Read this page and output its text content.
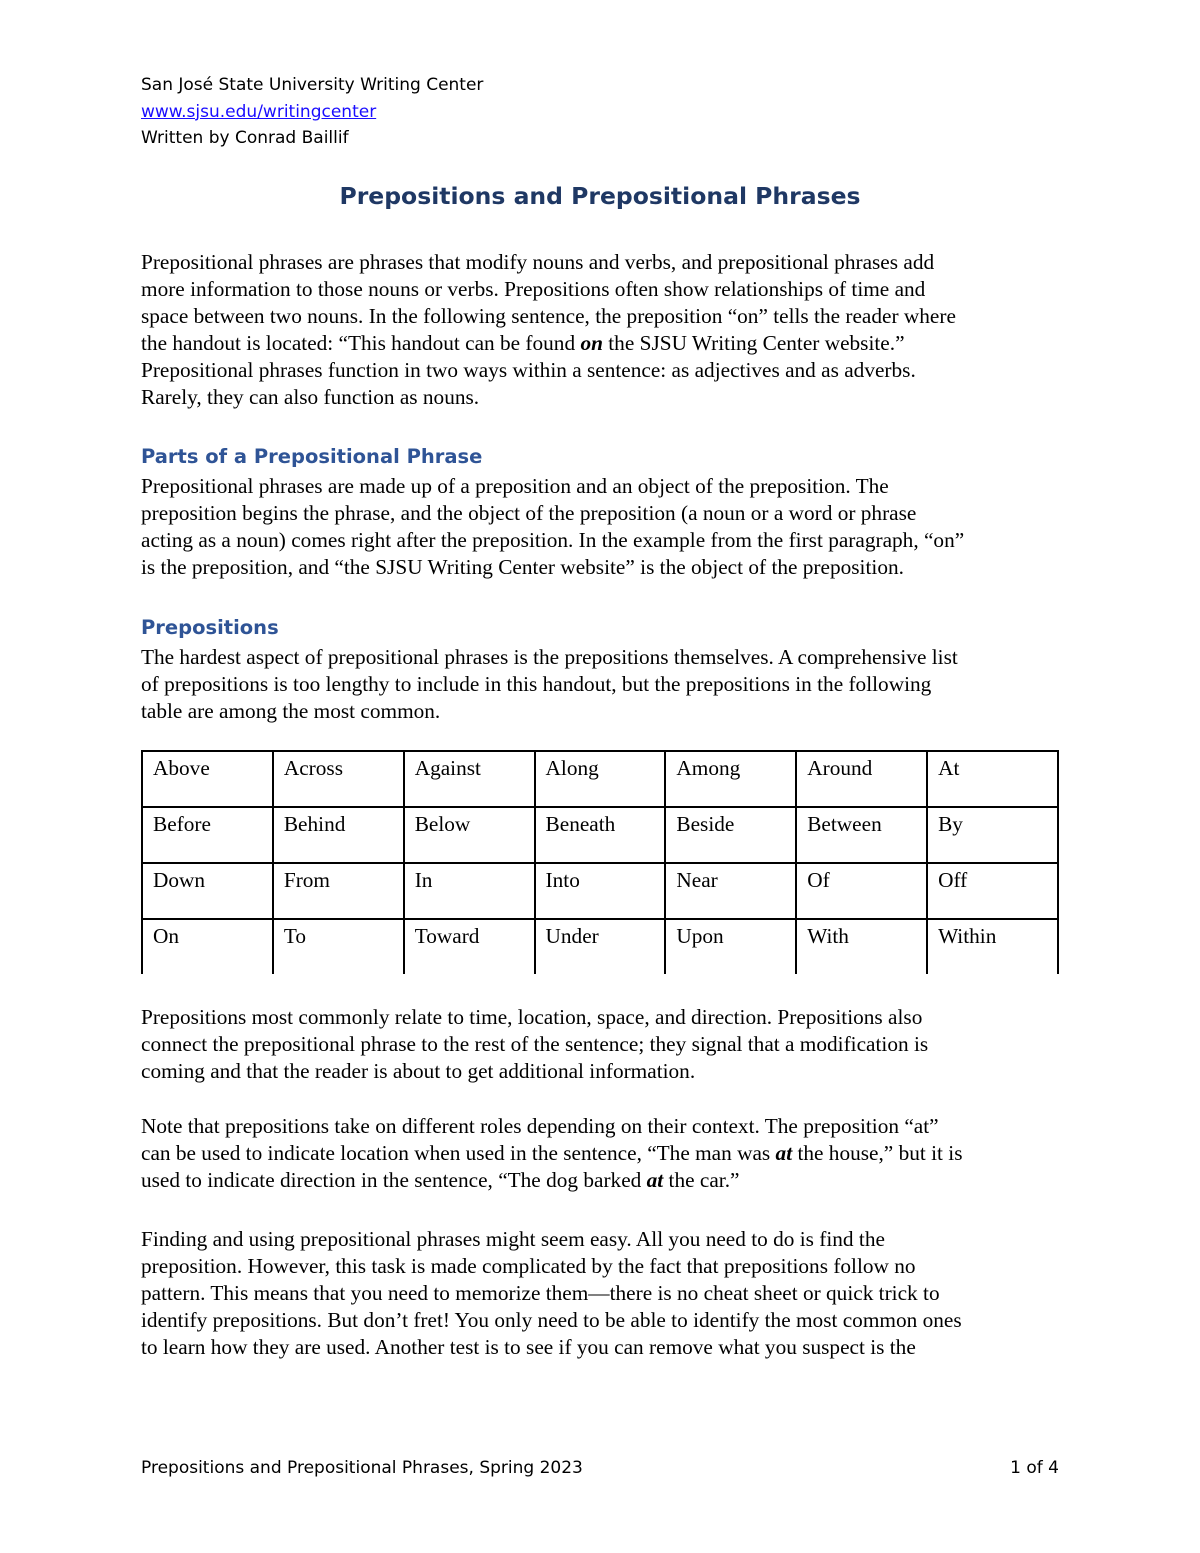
San José State University Writing Center
www.sjsu.edu/writingcenter
Written by Conrad Baillif
Prepositions and Prepositional Phrases

Prepositional phrases are phrases that modify nouns and verbs, and prepositional phrases add
more information to those nouns or verbs. Prepositions often show relationships of time and
space between two nouns. In the following sentence, the preposition “on” tells the reader where
the handout is located: “This handout can be found on the SJSU Writing Center website.”
Prepositional phrases function in two ways within a sentence: as adjectives and as adverbs.
Rarely, they can also function as nouns.

Parts of a Prepositional Phrase

Prepositional phrases are made up of a preposition and an object of the preposition. The
preposition begins the phrase, and the object of the preposition (a noun or a word or phrase
acting as a noun) comes right after the preposition. In the example from the first paragraph, “on”
is the preposition, and “the SJSU Writing Center website” is the object of the preposition.

Prepositions

The hardest aspect of prepositional phrases is the prepositions themselves. A comprehensive list
of prepositions is too lengthy to include in this handout, but the prepositions in the following
table are among the most common.

Above	Across	Against	Along	Among	Around	At
Before	Behind	Below	Beneath	Beside	Between	By
Down	From	In	Into	Near	Of	Off
On	To	Toward	Under	Upon	With	Within

Prepositions most commonly relate to time, location, space, and direction. Prepositions also
connect the prepositional phrase to the rest of the sentence; they signal that a modification is
coming and that the reader is about to get additional information.

Note that prepositions take on different roles depending on their context. The preposition “at”
can be used to indicate location when used in the sentence, “The man was at the house,” but it is
used to indicate direction in the sentence, “The dog barked at the car.”

Finding and using prepositional phrases might seem easy. All you need to do is find the
preposition. However, this task is made complicated by the fact that prepositions follow no
pattern. This means that you need to memorize them—there is no cheat sheet or quick trick to
identify prepositions. But don’t fret! You only need to be able to identify the most common ones
to learn how they are used. Another test is to see if you can remove what you suspect is the

Prepositions and Prepositional Phrases, Spring 2023	1 of 4
